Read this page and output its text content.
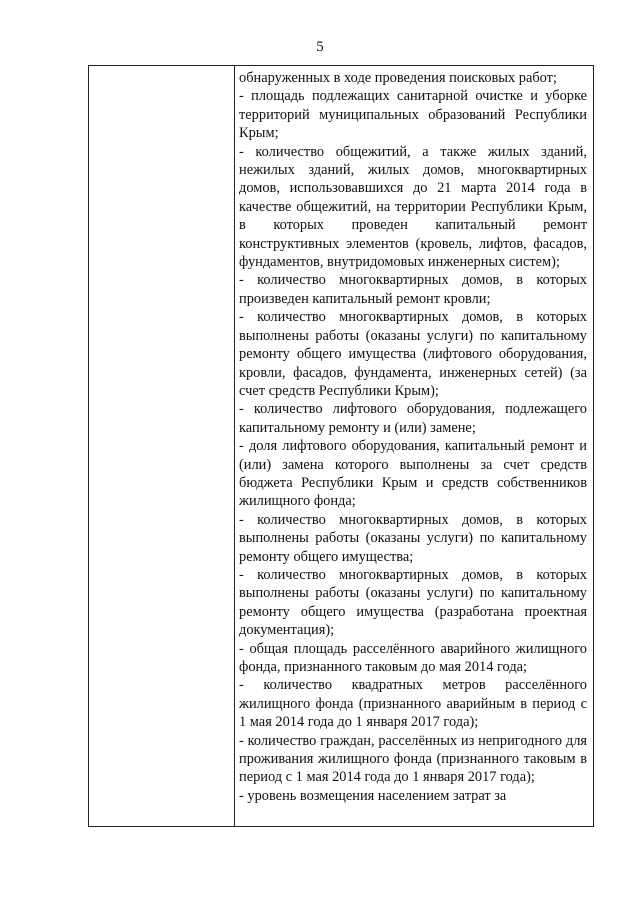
5

обнаруженных в ходе проведения поисковых работ;

- площадь подлежащих санитарной очистке и уборке территорий муниципальных образований Республики Крым;

- количество общежитий, а также жилых зданий, нежилых зданий, жилых домов, многоквартирных домов, использовавшихся до 21 марта 2014 года в качестве общежитий, на территории Республики Крым, в которых проведен капитальный ремонт конструктивных элементов (кровель, лифтов, фасадов, фундаментов, внутридомовых инженерных систем);

- количество многоквартирных домов, в которых произведен капитальный ремонт кровли;

- количество многоквартирных домов, в которых выполнены работы (оказаны услуги) по капитальному ремонту общего имущества (лифтового оборудования, кровли, фасадов, фундамента, инженерных сетей) (за счет средств Республики Крым);

- количество лифтового оборудования, подлежащего капитальному ремонту и (или) замене;

- доля лифтового оборудования, капитальный ремонт и (или) замена которого выполнены за счет средств бюджета Республики Крым и средств собственников жилищного фонда;

- количество многоквартирных домов, в которых выполнены работы (оказаны услуги) по капитальному ремонту общего имущества;

- количество многоквартирных домов, в которых выполнены работы (оказаны услуги) по капитальному ремонту общего имущества (разработана проектная документация);

- общая площадь расселённого аварийного жилищного фонда, признанного таковым до мая 2014 года;

- количество квадратных метров расселённого жилищного фонда (признанного аварийным в период с 1 мая 2014 года до 1 января 2017 года);

- количество граждан, расселённых из непригодного для проживания жилищного фонда (признанного таковым в период с 1 мая 2014 года до 1 января 2017 года);

- уровень возмещения населением затрат за
